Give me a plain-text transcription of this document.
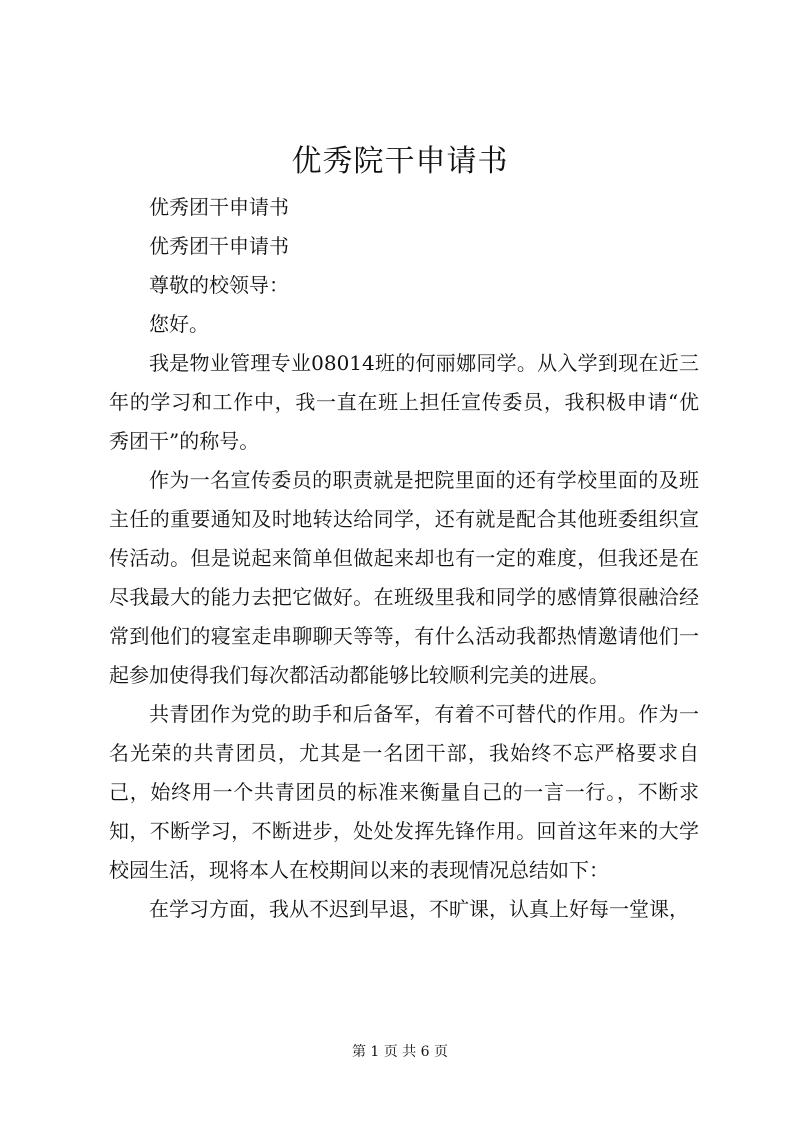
优秀院干申请书

优秀团干申请书

优秀团干申请书

尊敬的校领导：

您好。

我是物业管理专业08014班的何丽娜同学。从入学到现在近三年的学习和工作中，我一直在班上担任宣传委员，我积极申请“优秀团干”的称号。

作为一名宣传委员的职责就是把院里面的还有学校里面的及班主任的重要通知及时地转达给同学，还有就是配合其他班委组织宣传活动。但是说起来简单但做起来却也有一定的难度，但我还是在尽我最大的能力去把它做好。在班级里我和同学的感情算很融洽经常到他们的寝室走串聊聊天等等，有什么活动我都热情邀请他们一起参加使得我们每次都活动都能够比较顺利完美的进展。

共青团作为党的助手和后备军，有着不可替代的作用。作为一名光荣的共青团员，尤其是一名团干部，我始终不忘严格要求自己，始终用一个共青团员的标准来衡量自己的一言一行。，不断求知，不断学习，不断进步，处处发挥先锋作用。回首这年来的大学校园生活，现将本人在校期间以来的表现情况总结如下：

在学习方面，我从不迟到早退，不旷课，认真上好每一堂课，

第 1 页 共 6 页
